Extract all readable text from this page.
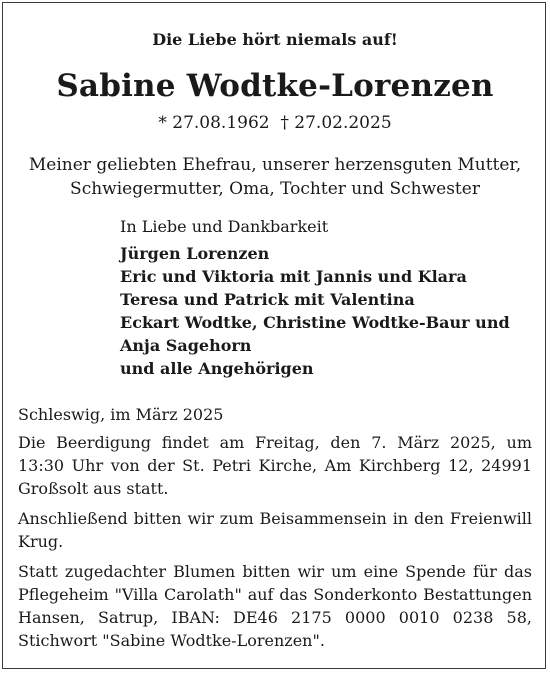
Die Liebe hört niemals auf!
Sabine Wodtke-Lorenzen
* 27.08.1962  † 27.02.2025
Meiner geliebten Ehefrau, unserer herzensguten Mutter,
Schwiegermutter, Oma, Tochter und Schwester
In Liebe und Dankbarkeit
Jürgen Lorenzen
Eric und Viktoria mit Jannis und Klara
Teresa und Patrick mit Valentina
Eckart Wodtke, Christine Wodtke-Baur und
Anja Sagehorn
und alle Angehörigen

Schleswig, im März 2025

Die Beerdigung findet am Freitag, den 7. März 2025, um 13:30 Uhr von der St. Petri Kirche, Am Kirchberg 12, 24991 Großsolt aus statt.

Anschließend bitten wir zum Beisammensein in den Freienwill Krug.

Statt zugedachter Blumen bitten wir um eine Spende für das Pflegeheim "Villa Carolath" auf das Sonderkonto Bestattungen Hansen, Satrup, IBAN: DE46 2175 0000 0010 0238 58, Stichwort "Sabine Wodtke-Lorenzen".
